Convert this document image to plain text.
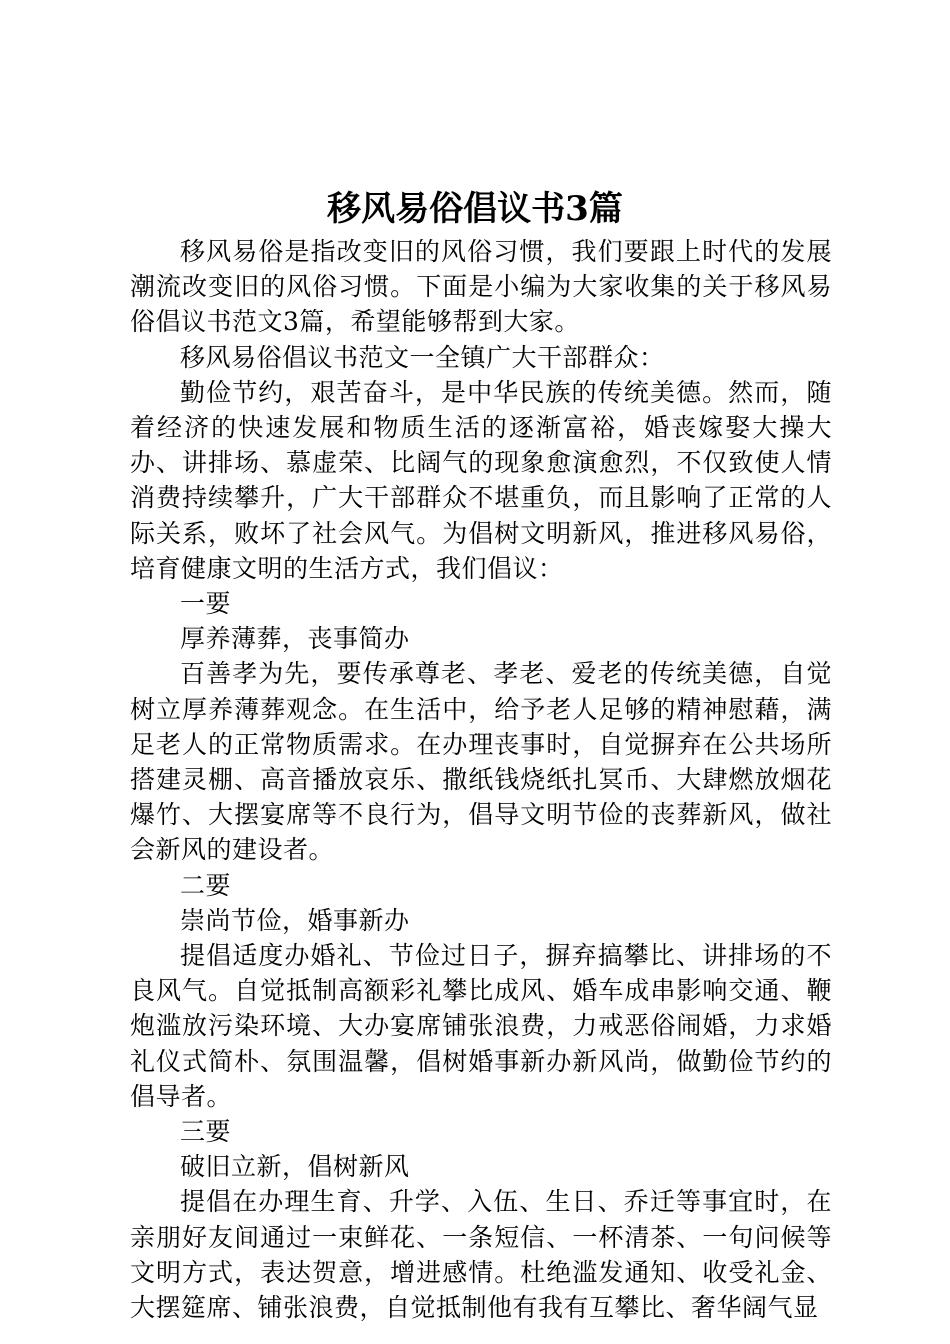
移风易俗倡议书3篇

移风易俗是指改变旧的风俗习惯，我们要跟上时代的发展潮流改变旧的风俗习惯。下面是小编为大家收集的关于移风易俗倡议书范文3篇，希望能够帮到大家。

移风易俗倡议书范文一全镇广大干部群众：

勤俭节约，艰苦奋斗，是中华民族的传统美德。然而，随着经济的快速发展和物质生活的逐渐富裕，婚丧嫁娶大操大办、讲排场、慕虚荣、比阔气的现象愈演愈烈，不仅致使人情消费持续攀升，广大干部群众不堪重负，而且影响了正常的人际关系，败坏了社会风气。为倡树文明新风，推进移风易俗，培育健康文明的生活方式，我们倡议：

一要

厚养薄葬，丧事简办

百善孝为先，要传承尊老、孝老、爱老的传统美德，自觉树立厚养薄葬观念。在生活中，给予老人足够的精神慰藉，满足老人的正常物质需求。在办理丧事时，自觉摒弃在公共场所搭建灵棚、高音播放哀乐、撒纸钱烧纸扎冥币、大肆燃放烟花爆竹、大摆宴席等不良行为，倡导文明节俭的丧葬新风，做社会新风的建设者。

二要

崇尚节俭，婚事新办

提倡适度办婚礼、节俭过日子，摒弃搞攀比、讲排场的不良风气。自觉抵制高额彩礼攀比成风、婚车成串影响交通、鞭炮滥放污染环境、大办宴席铺张浪费，力戒恶俗闹婚，力求婚礼仪式简朴、氛围温馨，倡树婚事新办新风尚，做勤俭节约的倡导者。

三要

破旧立新，倡树新风

提倡在办理生育、升学、入伍、生日、乔迁等事宜时，在亲朋好友间通过一束鲜花、一条短信、一杯清茶、一句问候等文明方式，表达贺意，增进感情。杜绝滥发通知、收受礼金、大摆筵席、铺张浪费，自觉抵制他有我有互攀比、奢华阔气显
